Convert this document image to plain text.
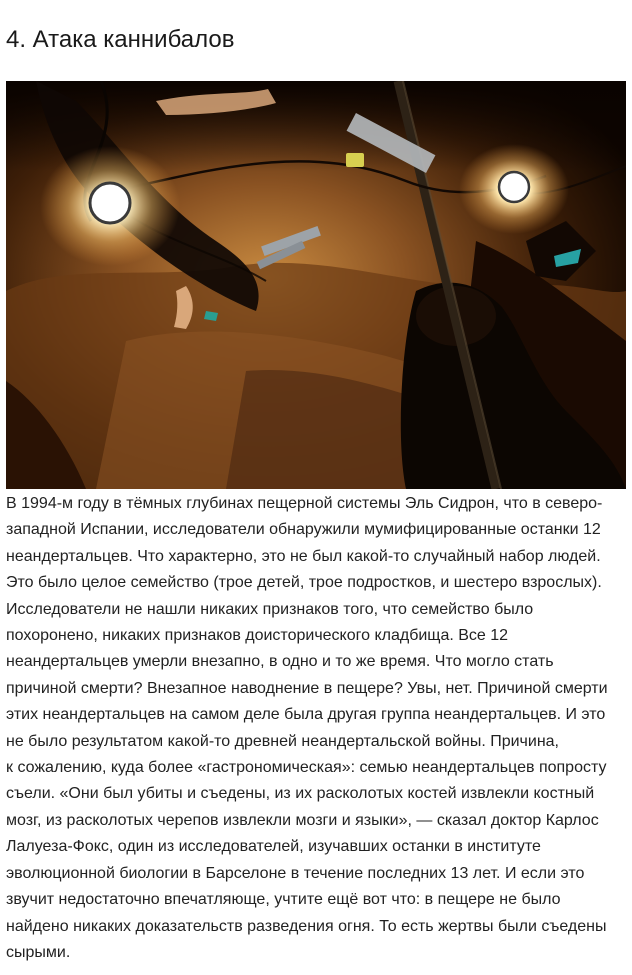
4. Атака каннибалов

В 1994-м году в тёмных глубинах пещерной системы Эль Сидрон, что в северо-
западной Испании, исследователи обнаружили мумифицированные останки 12
неандертальцев. Что характерно, это не был какой-то случайный набор людей.
Это было целое семейство (трое детей, трое подростков, и шестеро взрослых).
Исследователи не нашли никаких признаков того, что семейство было
похоронено, никаких признаков доисторического кладбища. Все 12
неандертальцев умерли внезапно, в одно и то же время. Что могло стать
причиной смерти? Внезапное наводнение в пещере? Увы, нет. Причиной смерти
этих неандертальцев на самом деле была другая группа неандертальцев. И это
не было результатом какой-то древней неандертальской войны. Причина,
к сожалению, куда более «гастрономическая»: семью неандертальцев попросту
съели. «Они был убиты и съедены, из их расколотых костей извлекли костный
мозг, из расколотых черепов извлекли мозги и языки», — сказал доктор Карлос
Лалуеза-Фокс, один из исследователей, изучавших останки в институте
эволюционной биологии в Барселоне в течение последних 13 лет. И если это
звучит недостаточно впечатляюще, учтите ещё вот что: в пещере не было
найдено никаких доказательств разведения огня. То есть жертвы были съедены
сырыми.
